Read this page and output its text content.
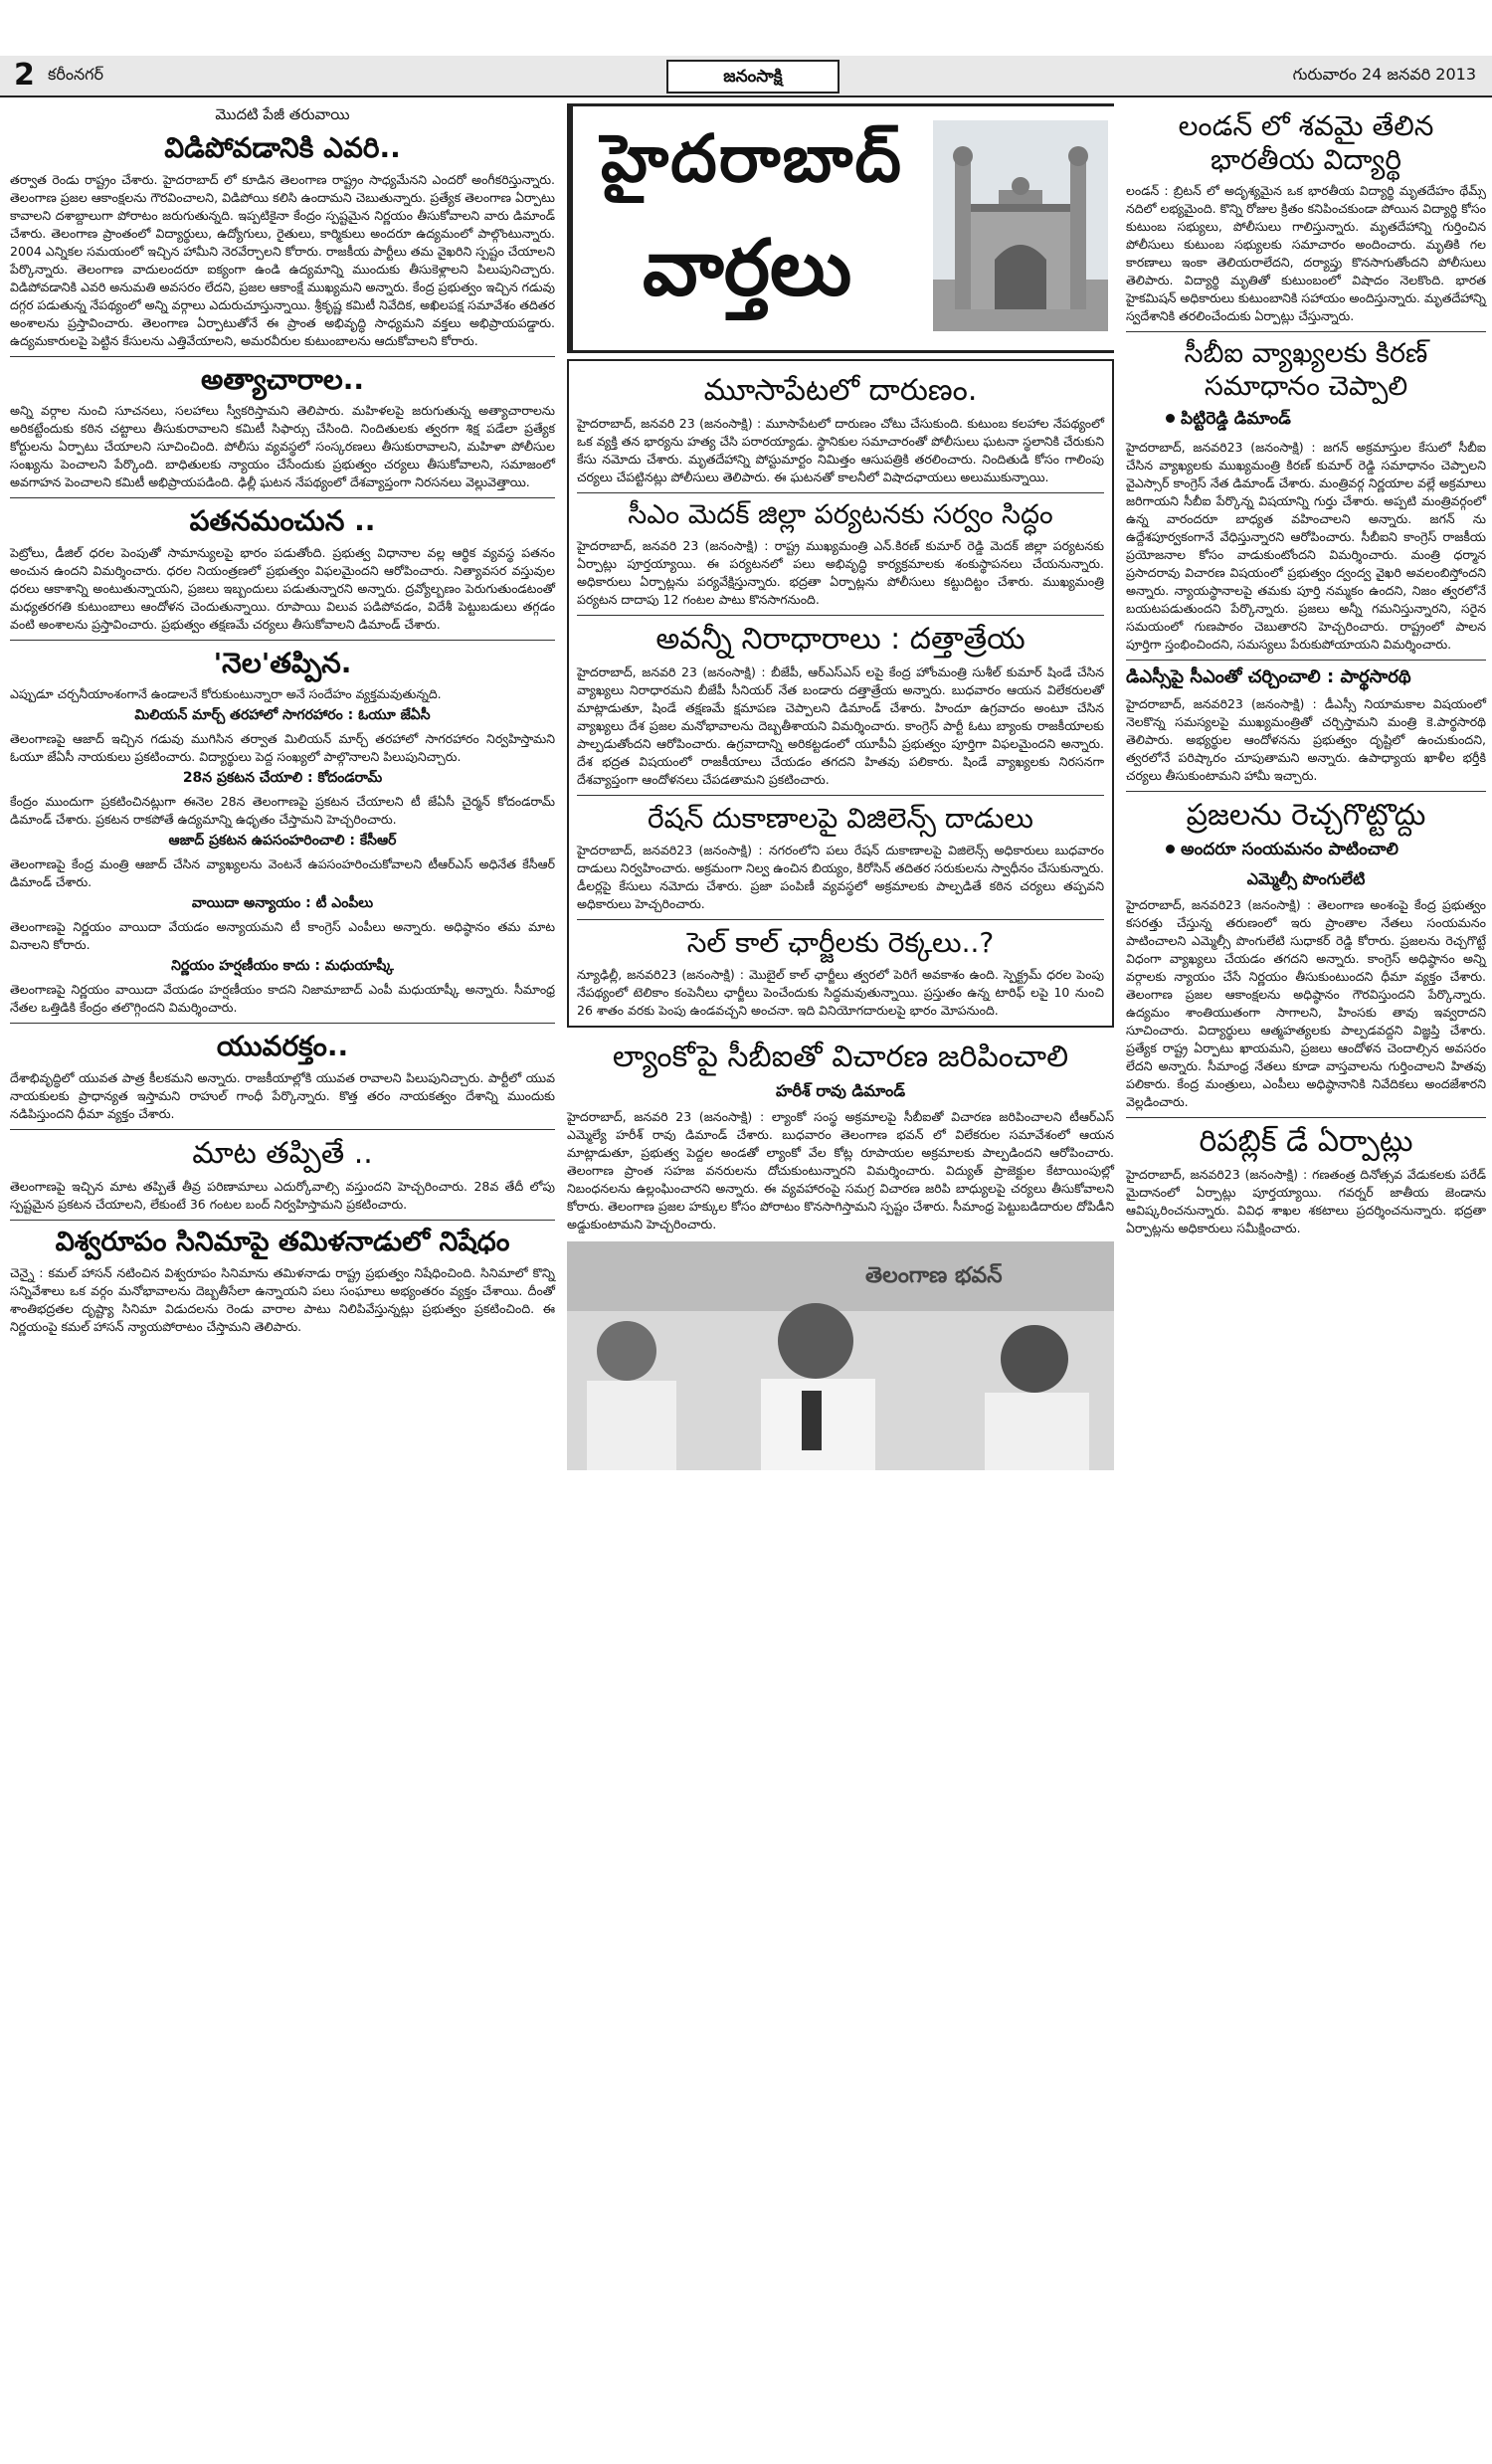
2 కరీంనగర్	జనంసాక్షి	గురువారం 24 జనవరి 2013
మొదటి పేజీ తరువాయి
విడిపోవడానికి ఎవరి..

తర్వాత రెండు రాష్ట్రం చేశారు. హైదరాబాద్ లో కూడిన తెలంగాణ రాష్ట్రం సాధ్యమేనని ఎందరో అంగీకరిస్తున్నారు. తెలంగాణ ప్రజల ఆకాంక్షలను గౌరవించాలని, విడిపోయి కలిసి ఉందామని చెబుతున్నారు. ప్రత్యేక తెలంగాణ ఏర్పాటు కావాలని దశాబ్దాలుగా పోరాటం జరుగుతున్నది. ఇప్పటికైనా కేంద్రం స్పష్టమైన నిర్ణయం తీసుకోవాలని వారు డిమాండ్ చేశారు. తెలంగాణ ప్రాంతంలో విద్యార్థులు, ఉద్యోగులు, రైతులు, కార్మికులు అందరూ ఉద్యమంలో పాల్గొంటున్నారు. 2004 ఎన్నికల సమయంలో ఇచ్చిన హామీని నెరవేర్చాలని కోరారు. రాజకీయ పార్టీలు తమ వైఖరిని స్పష్టం చేయాలని పేర్కొన్నారు. తెలంగాణ వాదులందరూ ఐక్యంగా ఉండి ఉద్యమాన్ని ముందుకు తీసుకెళ్లాలని పిలుపునిచ్చారు. విడిపోవడానికి ఎవరి అనుమతి అవసరం లేదని, ప్రజల ఆకాంక్షే ముఖ్యమని అన్నారు. కేంద్ర ప్రభుత్వం ఇచ్చిన గడువు దగ్గర పడుతున్న నేపథ్యంలో అన్ని వర్గాలు ఎదురుచూస్తున్నాయి. శ్రీకృష్ణ కమిటీ నివేదిక, అఖిలపక్ష సమావేశం తదితర అంశాలను ప్రస్తావించారు. తెలంగాణ ఏర్పాటుతోనే ఈ ప్రాంత అభివృద్ధి సాధ్యమని వక్తలు అభిప్రాయపడ్డారు. ఉద్యమకారులపై పెట్టిన కేసులను ఎత్తివేయాలని, అమరవీరుల కుటుంబాలను ఆదుకోవాలని కోరారు.

అత్యాచారాల..

అన్ని వర్గాల నుంచి సూచనలు, సలహాలు స్వీకరిస్తామని తెలిపారు. మహిళలపై జరుగుతున్న అత్యాచారాలను అరికట్టేందుకు కఠిన చట్టాలు తీసుకురావాలని కమిటీ సిఫార్సు చేసింది. నిందితులకు త్వరగా శిక్ష పడేలా ప్రత్యేక కోర్టులను ఏర్పాటు చేయాలని సూచించింది. పోలీసు వ్యవస్థలో సంస్కరణలు తీసుకురావాలని, మహిళా పోలీసుల సంఖ్యను పెంచాలని పేర్కొంది. బాధితులకు న్యాయం చేసేందుకు ప్రభుత్వం చర్యలు తీసుకోవాలని, సమాజంలో అవగాహన పెంచాలని కమిటీ అభిప్రాయపడింది. ఢిల్లీ ఘటన నేపథ్యంలో దేశవ్యాప్తంగా నిరసనలు వెల్లువెత్తాయి.

పతనమంచున ..

పెట్రోలు, డీజిల్ ధరల పెంపుతో సామాన్యులపై భారం పడుతోంది. ప్రభుత్వ విధానాల వల్ల ఆర్థిక వ్యవస్థ పతనం అంచున ఉందని విమర్శించారు. ధరల నియంత్రణలో ప్రభుత్వం విఫలమైందని ఆరోపించారు. నిత్యావసర వస్తువుల ధరలు ఆకాశాన్ని అంటుతున్నాయని, ప్రజలు ఇబ్బందులు పడుతున్నారని అన్నారు. ద్రవ్యోల్బణం పెరుగుతుండటంతో మధ్యతరగతి కుటుంబాలు ఆందోళన చెందుతున్నాయి. రూపాయి విలువ పడిపోవడం, విదేశీ పెట్టుబడులు తగ్గడం వంటి అంశాలను ప్రస్తావించారు. ప్రభుత్వం తక్షణమే చర్యలు తీసుకోవాలని డిమాండ్ చేశారు.

'నెల'తప్పిన.

ఎప్పుడూ చర్చనీయాంశంగానే ఉండాలనే కోరుకుంటున్నారా అనే సందేహం వ్యక్తమవుతున్నది.

మిలియన్ మార్చ్ తరహాలో సాగరహారం : ఓయూ జేఏసీ

తెలంగాణపై ఆజాద్ ఇచ్చిన గడువు ముగిసిన తర్వాత మిలియన్ మార్చ్ తరహాలో సాగరహారం నిర్వహిస్తామని ఓయూ జేఏసీ నాయకులు ప్రకటించారు. విద్యార్థులు పెద్ద సంఖ్యలో పాల్గొనాలని పిలుపునిచ్చారు.

28న ప్రకటన చేయాలి : కోదండరామ్

కేంద్రం ముందుగా ప్రకటించినట్లుగా ఈనెల 28న తెలంగాణపై ప్రకటన చేయాలని టీ జేఏసీ చైర్మన్ కోదండరామ్ డిమాండ్ చేశారు. ప్రకటన రాకపోతే ఉద్యమాన్ని ఉధృతం చేస్తామని హెచ్చరించారు.

ఆజాద్ ప్రకటన ఉపసంహరించాలి : కేసీఆర్

తెలంగాణపై కేంద్ర మంత్రి ఆజాద్ చేసిన వ్యాఖ్యలను వెంటనే ఉపసంహరించుకోవాలని టీఆర్ఎస్ అధినేత కేసీఆర్ డిమాండ్ చేశారు.

వాయిదా అన్యాయం : టీ ఎంపీలు

తెలంగాణపై నిర్ణయం వాయిదా వేయడం అన్యాయమని టీ కాంగ్రెస్ ఎంపీలు అన్నారు. అధిష్ఠానం తమ మాట వినాలని కోరారు.

నిర్ణయం హర్షణీయం కాదు : మధుయాష్కీ

తెలంగాణపై నిర్ణయం వాయిదా వేయడం హర్షణీయం కాదని నిజామాబాద్ ఎంపీ మధుయాష్కీ అన్నారు. సీమాంధ్ర నేతల ఒత్తిడికి కేంద్రం తలొగ్గిందని విమర్శించారు.

యువరక్తం..

దేశాభివృద్ధిలో యువత పాత్ర కీలకమని అన్నారు. రాజకీయాల్లోకి యువత రావాలని పిలుపునిచ్చారు. పార్టీలో యువ నాయకులకు ప్రాధాన్యత ఇస్తామని రాహుల్ గాంధీ పేర్కొన్నారు. కొత్త తరం నాయకత్వం దేశాన్ని ముందుకు నడిపిస్తుందని ధీమా వ్యక్తం చేశారు.

మాట తప్పితే ..

తెలంగాణపై ఇచ్చిన మాట తప్పితే తీవ్ర పరిణామాలు ఎదుర్కోవాల్సి వస్తుందని హెచ్చరించారు. 28వ తేదీ లోపు స్పష్టమైన ప్రకటన చేయాలని, లేకుంటే 36 గంటల బంద్ నిర్వహిస్తామని ప్రకటించారు.

విశ్వరూపం సినిమాపై తమిళనాడులో నిషేధం

చెన్నై : కమల్ హాసన్ నటించిన విశ్వరూపం సినిమాను తమిళనాడు రాష్ట్ర ప్రభుత్వం నిషేధించింది. సినిమాలో కొన్ని సన్నివేశాలు ఒక వర్గం మనోభావాలను దెబ్బతీసేలా ఉన్నాయని పలు సంఘాలు అభ్యంతరం వ్యక్తం చేశాయి. దీంతో శాంతిభద్రతల దృష్ట్యా సినిమా విడుదలను రెండు వారాల పాటు నిలిపివేస్తున్నట్లు ప్రభుత్వం ప్రకటించింది. ఈ నిర్ణయంపై కమల్ హాసన్ న్యాయపోరాటం చేస్తామని తెలిపారు.

హైదరాబాద్
వార్తలు
మూసాపేటలో దారుణం.

హైదరాబాద్, జనవరి 23 (జనంసాక్షి) : మూసాపేటలో దారుణం చోటు చేసుకుంది. కుటుంబ కలహాల నేపథ్యంలో ఒక వ్యక్తి తన భార్యను హత్య చేసి పరారయ్యాడు. స్థానికుల సమాచారంతో పోలీసులు ఘటనా స్థలానికి చేరుకుని కేసు నమోదు చేశారు. మృతదేహాన్ని పోస్టుమార్టం నిమిత్తం ఆసుపత్రికి తరలించారు. నిందితుడి కోసం గాలింపు చర్యలు చేపట్టినట్లు పోలీసులు తెలిపారు. ఈ ఘటనతో కాలనీలో విషాదఛాయలు అలుముకున్నాయి.

సీఎం మెదక్ జిల్లా పర్యటనకు సర్వం సిద్ధం

హైదరాబాద్, జనవరి 23 (జనంసాక్షి) : రాష్ట్ర ముఖ్యమంత్రి ఎన్.కిరణ్ కుమార్ రెడ్డి మెదక్ జిల్లా పర్యటనకు ఏర్పాట్లు పూర్తయ్యాయి. ఈ పర్యటనలో పలు అభివృద్ధి కార్యక్రమాలకు శంకుస్థాపనలు చేయనున్నారు. అధికారులు ఏర్పాట్లను పర్యవేక్షిస్తున్నారు. భద్రతా ఏర్పాట్లను పోలీసులు కట్టుదిట్టం చేశారు. ముఖ్యమంత్రి పర్యటన దాదాపు 12 గంటల పాటు కొనసాగనుంది.

అవన్నీ నిరాధారాలు : దత్తాత్రేయ

హైదరాబాద్, జనవరి 23 (జనంసాక్షి) : బీజేపీ, ఆర్ఎస్ఎస్ లపై కేంద్ర హోంమంత్రి సుశీల్ కుమార్ షిండే చేసిన వ్యాఖ్యలు నిరాధారమని బీజేపీ సీనియర్ నేత బండారు దత్తాత్రేయ అన్నారు. బుధవారం ఆయన విలేకరులతో మాట్లాడుతూ, షిండే తక్షణమే క్షమాపణ చెప్పాలని డిమాండ్ చేశారు. హిందూ ఉగ్రవాదం అంటూ చేసిన వ్యాఖ్యలు దేశ ప్రజల మనోభావాలను దెబ్బతీశాయని విమర్శించారు. కాంగ్రెస్ పార్టీ ఓటు బ్యాంకు రాజకీయాలకు పాల్పడుతోందని ఆరోపించారు. ఉగ్రవాదాన్ని అరికట్టడంలో యూపీఏ ప్రభుత్వం పూర్తిగా విఫలమైందని అన్నారు. దేశ భద్రత విషయంలో రాజకీయాలు చేయడం తగదని హితవు పలికారు. షిండే వ్యాఖ్యలకు నిరసనగా దేశవ్యాప్తంగా ఆందోళనలు చేపడతామని ప్రకటించారు.

రేషన్ దుకాణాలపై విజిలెన్స్ దాడులు

హైదరాబాద్, జనవరి23 (జనంసాక్షి) : నగరంలోని పలు రేషన్ దుకాణాలపై విజిలెన్స్ అధికారులు బుధవారం దాడులు నిర్వహించారు. అక్రమంగా నిల్వ ఉంచిన బియ్యం, కిరోసిన్ తదితర సరుకులను స్వాధీనం చేసుకున్నారు. డీలర్లపై కేసులు నమోదు చేశారు. ప్రజా పంపిణీ వ్యవస్థలో అక్రమాలకు పాల్పడితే కఠిన చర్యలు తప్పవని అధికారులు హెచ్చరించారు.

సెల్ కాల్ ఛార్జీలకు రెక్కలు..?

న్యూఢిల్లీ, జనవరి23 (జనంసాక్షి) : మొబైల్ కాల్ ఛార్జీలు త్వరలో పెరిగే అవకాశం ఉంది. స్పెక్ట్రమ్ ధరల పెంపు నేపథ్యంలో టెలికాం కంపెనీలు ఛార్జీలు పెంచేందుకు సిద్ధమవుతున్నాయి. ప్రస్తుతం ఉన్న టారిఫ్ లపై 10 నుంచి 26 శాతం వరకు పెంపు ఉండవచ్చని అంచనా. ఇది వినియోగదారులపై భారం మోపనుంది.

ల్యాంకోపై సీబీఐతో విచారణ జరిపించాలి
హరీశ్ రావు డిమాండ్

హైదరాబాద్, జనవరి 23 (జనంసాక్షి) : ల్యాంకో సంస్థ అక్రమాలపై సీబీఐతో విచారణ జరిపించాలని టీఆర్ఎస్ ఎమ్మెల్యే హరీశ్ రావు డిమాండ్ చేశారు. బుధవారం తెలంగాణ భవన్ లో విలేకరుల సమావేశంలో ఆయన మాట్లాడుతూ, ప్రభుత్వ పెద్దల అండతో ల్యాంకో వేల కోట్ల రూపాయల అక్రమాలకు పాల్పడిందని ఆరోపించారు. తెలంగాణ ప్రాంత సహజ వనరులను దోచుకుంటున్నారని విమర్శించారు. విద్యుత్ ప్రాజెక్టుల కేటాయింపుల్లో నిబంధనలను ఉల్లంఘించారని అన్నారు. ఈ వ్యవహారంపై సమగ్ర విచారణ జరిపి బాధ్యులపై చర్యలు తీసుకోవాలని కోరారు. తెలంగాణ ప్రజల హక్కుల కోసం పోరాటం కొనసాగిస్తామని స్పష్టం చేశారు. సీమాంధ్ర పెట్టుబడిదారుల దోపిడీని అడ్డుకుంటామని హెచ్చరించారు.

తెలంగాణ భవన్
లండన్ లో శవమై తేలిన భారతీయ విద్యార్థి

లండన్ : బ్రిటన్ లో అదృశ్యమైన ఒక భారతీయ విద్యార్థి మృతదేహం థేమ్స్ నదిలో లభ్యమైంది. కొన్ని రోజుల క్రితం కనిపించకుండా పోయిన విద్యార్థి కోసం కుటుంబ సభ్యులు, పోలీసులు గాలిస్తున్నారు. మృతదేహాన్ని గుర్తించిన పోలీసులు కుటుంబ సభ్యులకు సమాచారం అందించారు. మృతికి గల కారణాలు ఇంకా తెలియరాలేదని, దర్యాప్తు కొనసాగుతోందని పోలీసులు తెలిపారు. విద్యార్థి మృతితో కుటుంబంలో విషాదం నెలకొంది. భారత హైకమిషన్ అధికారులు కుటుంబానికి సహాయం అందిస్తున్నారు. మృతదేహాన్ని స్వదేశానికి తరలించేందుకు ఏర్పాట్లు చేస్తున్నారు.

సీబీఐ వ్యాఖ్యలకు కిరణ్ సమాధానం చెప్పాలి
పిట్టిరెడ్డి డిమాండ్

హైదరాబాద్, జనవరి23 (జనంసాక్షి) : జగన్ అక్రమాస్తుల కేసులో సీబీఐ చేసిన వ్యాఖ్యలకు ముఖ్యమంత్రి కిరణ్ కుమార్ రెడ్డి సమాధానం చెప్పాలని వైఎస్సార్ కాంగ్రెస్ నేత డిమాండ్ చేశారు. మంత్రివర్గ నిర్ణయాల వల్లే అక్రమాలు జరిగాయని సీబీఐ పేర్కొన్న విషయాన్ని గుర్తు చేశారు. అప్పటి మంత్రివర్గంలో ఉన్న వారందరూ బాధ్యత వహించాలని అన్నారు. జగన్ ను ఉద్దేశపూర్వకంగానే వేధిస్తున్నారని ఆరోపించారు. సీబీఐని కాంగ్రెస్ రాజకీయ ప్రయోజనాల కోసం వాడుకుంటోందని విమర్శించారు. మంత్రి ధర్మాన ప్రసాదరావు విచారణ విషయంలో ప్రభుత్వం ద్వంద్వ వైఖరి అవలంబిస్తోందని అన్నారు. న్యాయస్థానాలపై తమకు పూర్తి నమ్మకం ఉందని, నిజం త్వరలోనే బయటపడుతుందని పేర్కొన్నారు. ప్రజలు అన్నీ గమనిస్తున్నారని, సరైన సమయంలో గుణపాఠం చెబుతారని హెచ్చరించారు. రాష్ట్రంలో పాలన పూర్తిగా స్తంభించిందని, సమస్యలు పేరుకుపోయాయని విమర్శించారు.

డిఎస్సీపై సీఎంతో చర్చించాలి : పార్థసారథి

హైదరాబాద్, జనవరి23 (జనంసాక్షి) : డీఎస్సీ నియామకాల విషయంలో నెలకొన్న సమస్యలపై ముఖ్యమంత్రితో చర్చిస్తామని మంత్రి కె.పార్థసారథి తెలిపారు. అభ్యర్థుల ఆందోళనను ప్రభుత్వం దృష్టిలో ఉంచుకుందని, త్వరలోనే పరిష్కారం చూపుతామని అన్నారు. ఉపాధ్యాయ ఖాళీల భర్తీకి చర్యలు తీసుకుంటామని హామీ ఇచ్చారు.

ప్రజలను రెచ్చగొట్టొద్దు
అందరూ సంయమనం పాటించాలి
ఎమ్మెల్సీ పొంగులేటి

హైదరాబాద్, జనవరి23 (జనంసాక్షి) : తెలంగాణ అంశంపై కేంద్ర ప్రభుత్వం కసరత్తు చేస్తున్న తరుణంలో ఇరు ప్రాంతాల నేతలు సంయమనం పాటించాలని ఎమ్మెల్సీ పొంగులేటి సుధాకర్ రెడ్డి కోరారు. ప్రజలను రెచ్చగొట్టే విధంగా వ్యాఖ్యలు చేయడం తగదని అన్నారు. కాంగ్రెస్ అధిష్ఠానం అన్ని వర్గాలకు న్యాయం చేసే నిర్ణయం తీసుకుంటుందని ధీమా వ్యక్తం చేశారు. తెలంగాణ ప్రజల ఆకాంక్షలను అధిష్ఠానం గౌరవిస్తుందని పేర్కొన్నారు. ఉద్యమం శాంతియుతంగా సాగాలని, హింసకు తావు ఇవ్వరాదని సూచించారు. విద్యార్థులు ఆత్మహత్యలకు పాల్పడవద్దని విజ్ఞప్తి చేశారు. ప్రత్యేక రాష్ట్ర ఏర్పాటు ఖాయమని, ప్రజలు ఆందోళన చెందాల్సిన అవసరం లేదని అన్నారు. సీమాంధ్ర నేతలు కూడా వాస్తవాలను గుర్తించాలని హితవు పలికారు. కేంద్ర మంత్రులు, ఎంపీలు అధిష్ఠానానికి నివేదికలు అందజేశారని వెల్లడించారు.

రిపబ్లిక్ డే ఏర్పాట్లు

హైదరాబాద్, జనవరి23 (జనంసాక్షి) : గణతంత్ర దినోత్సవ వేడుకలకు పరేడ్ మైదానంలో ఏర్పాట్లు పూర్తయ్యాయి. గవర్నర్ జాతీయ జెండాను ఆవిష్కరించనున్నారు. వివిధ శాఖల శకటాలు ప్రదర్శించనున్నారు. భద్రతా ఏర్పాట్లను అధికారులు సమీక్షించారు.
